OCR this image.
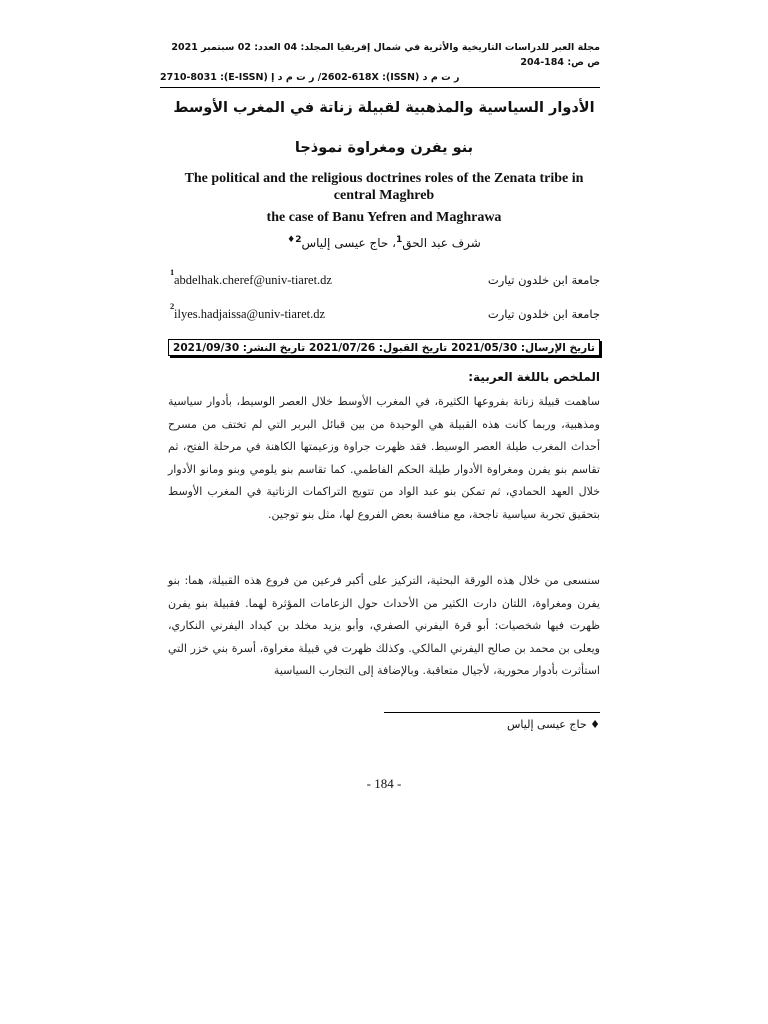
مجلة العبر للدراسات التاريخية والأثرية في شمال إفريقيا المجلد: 04 العدد: 02 سبتمبر 2021 ص ص: 184-204
ر ت م د (ISSN): 2602-618X/ ر ت م د إ (E-ISSN): 2710-8031
الأدوار السياسية والمذهبية لقبيلة زناتة في المغرب الأوسط
بنو يفرن ومغراوة نموذجا
The political and the religious doctrines roles of the Zenata tribe in central Maghreb
the case of Banu Yefren and Maghrawa
شرف عبد الحق$^1$، حاج عيسى إلياس$^{2♦}$
1
abdelhak.cheref@univ-tiaret.dz	جامعة ابن خلدون تيارت
2
ilyes.hadjaissa@univ-tiaret.dz	جامعة ابن خلدون تيارت
تاريخ الإرسال: 2021/05/30
تاريخ القبول: 2021/07/26
تاريخ النشر: 2021/09/30
الملخص باللغة العربية:
ساهمت قبيلة زناتة بفروعها الكثيرة، في المغرب الأوسط خلال العصر الوسيط، بأدوار سياسية ومذهبية، وربما كانت هذه القبيلة هي الوحيدة من بين قبائل البربر التي لم تختف من مسرح أحداث المغرب طيلة العصر الوسيط. فقد ظهرت جراوة وزعيمتها الكاهنة في مرحلة الفتح، ثم تقاسم بنو يفرن ومغراوة الأدوار طيلة الحكم الفاطمي. كما تقاسم بنو يلومي وبنو ومانو الأدوار خلال العهد الحمادي، ثم تمكن بنو عبد الواد من تتويج التراكمات الزناتية في المغرب الأوسط بتحقيق تجربة سياسية ناجحة، مع منافسة بعض الفروع لها، مثل بنو توجين.
سنسعى من خلال هذه الورقة البحثية، التركيز على أكبر فرعين من فروع هذه القبيلة، هما: بنو يفرن ومغراوة، اللتان دارت الكثير من الأحداث حول الزعامات المؤثرة لهما. فقبيلة بنو يفرن ظهرت فيها شخصيات: أبو قرة اليفرني الصفري، وأبو يزيد مخلد بن كيداد اليفرني النكاري، ويعلى بن محمد بن صالح اليفرني المالكي. وكذلك ظهرت في قبيلة مغراوة، أسرة بني خزر التي استأثرت بأدوار محورية، لأجيال متعاقبة. وبالإضافة إلى التجارب السياسية
♦ حاج عيسى إلياس
- 184 -
